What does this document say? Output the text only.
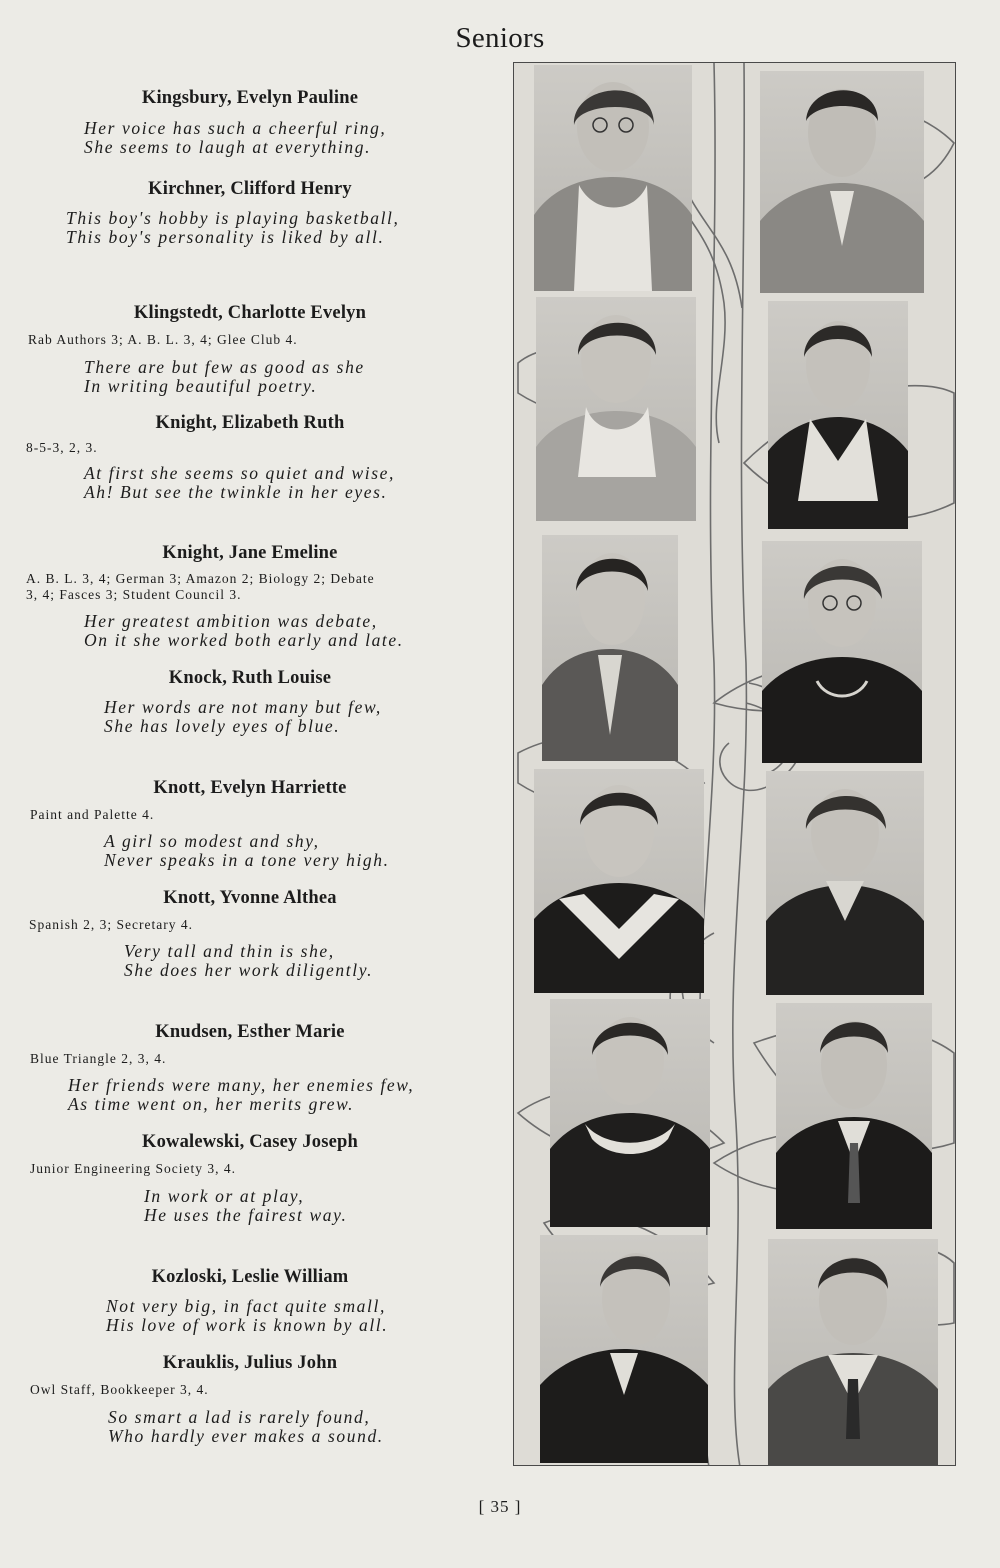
Seniors
Kingsbury, Evelyn Pauline
Her voice has such a cheerful ring,
She seems to laugh at everything.
Kirchner, Clifford Henry
This boy's hobby is playing basketball,
This boy's personality is liked by all.
Klingstedt, Charlotte Evelyn
Rab Authors 3; A. B. L. 3, 4; Glee Club 4.
There are but few as good as she
In writing beautiful poetry.
Knight, Elizabeth Ruth
8-5-3, 2, 3.
At first she seems so quiet and wise,
Ah! But see the twinkle in her eyes.
Knight, Jane Emeline
A. B. L. 3, 4; German 3; Amazon 2; Biology 2; Debate
3, 4; Fasces 3; Student Council 3.
Her greatest ambition was debate,
On it she worked both early and late.
Knock, Ruth Louise
Her words are not many but few,
She has lovely eyes of blue.
Knott, Evelyn Harriette
Paint and Palette 4.
A girl so modest and shy,
Never speaks in a tone very high.
Knott, Yvonne Althea
Spanish 2, 3; Secretary 4.
Very tall and thin is she,
She does her work diligently.
Knudsen, Esther Marie
Blue Triangle 2, 3, 4.
Her friends were many, her enemies few,
As time went on, her merits grew.
Kowalewski, Casey Joseph
Junior Engineering Society 3, 4.
In work or at play,
He uses the fairest way.
Kozloski, Leslie William
Not very big, in fact quite small,
His love of work is known by all.
Krauklis, Julius John
Owl Staff, Bookkeeper 3, 4.
So smart a lad is rarely found,
Who hardly ever makes a sound.
[ 35 ]
